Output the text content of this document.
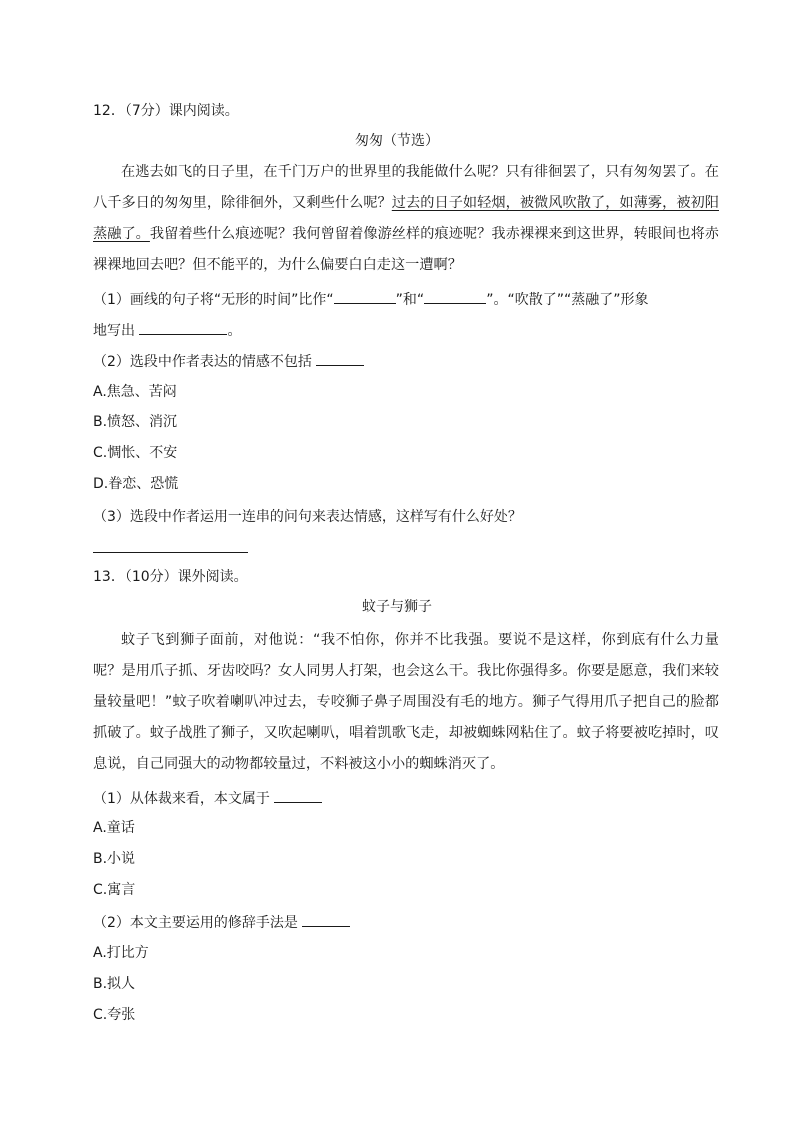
12．（7分）课内阅读。
匆匆（节选）
在逃去如飞的日子里，在千门万户的世界里的我能做什么呢？只有徘徊罢了，只有匆匆罢了。在八千多日的匆匆里，除徘徊外，又剩些什么呢？过去的日子如轻烟，被微风吹散了，如薄雾，被初阳蒸融了。我留着些什么痕迹呢？我何曾留着像游丝样的痕迹呢？我赤裸裸来到这世界，转眼间也将赤裸裸地回去吧？但不能平的，为什么偏要白白走这一遭啊？
（1）画线的句子将“无形的时间”比作“	”和“	”。“吹散了”“蒸融了”形象
地写出	。
（2）选段中作者表达的情感不包括
A.焦急、苦闷
B.愤怒、消沉
C.惆怅、不安
D.眷恋、恐慌
（3）选段中作者运用一连串的问句来表达情感，这样写有什么好处？
13．（10分）课外阅读。
蚊子与狮子
蚊子飞到狮子面前，对他说：“我不怕你，你并不比我强。要说不是这样，你到底有什么力量呢？是用爪子抓、牙齿咬吗？女人同男人打架，也会这么干。我比你强得多。你要是愿意，我们来较量较量吧！”蚊子吹着喇叭冲过去，专咬狮子鼻子周围没有毛的地方。狮子气得用爪子把自己的脸都抓破了。蚊子战胜了狮子，又吹起喇叭，唱着凯歌飞走，却被蜘蛛网粘住了。蚊子将要被吃掉时，叹息说，自己同强大的动物都较量过，不料被这小小的蜘蛛消灭了。
（1）从体裁来看，本文属于
A.童话
B.小说
C.寓言
（2）本文主要运用的修辞手法是
A.打比方
B.拟人
C.夸张
